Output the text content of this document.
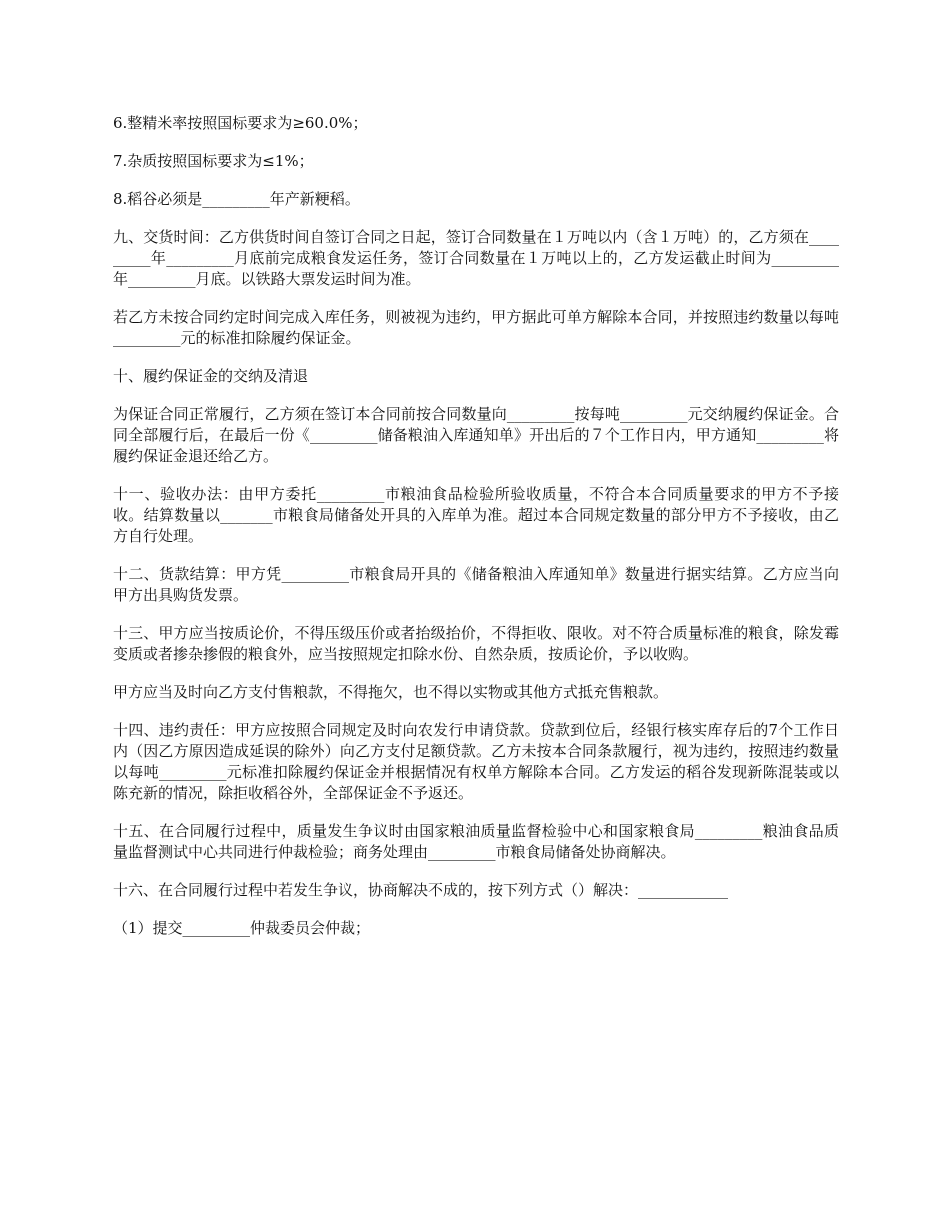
6.整精米率按照国标要求为≥60.0%；

7.杂质按照国标要求为≤1%；

8.稻谷必须是_________年产新粳稻。

九、交货时间：乙方供货时间自签订合同之日起，签订合同数量在１万吨以内（含１万吨）的，乙方须在_________年_________月底前完成粮食发运任务，签订合同数量在１万吨以上的，乙方发运截止时间为_________年_________月底。以铁路大票发运时间为准。

若乙方未按合同约定时间完成入库任务，则被视为违约，甲方据此可单方解除本合同，并按照违约数量以每吨_________元的标准扣除履约保证金。

十、履约保证金的交纳及清退

为保证合同正常履行，乙方须在签订本合同前按合同数量向_________按每吨_________元交纳履约保证金。合同全部履行后，在最后一份《_________储备粮油入库通知单》开出后的７个工作日内，甲方通知_________将履约保证金退还给乙方。

十一、验收办法：由甲方委托_________市粮油食品检验所验收质量，不符合本合同质量要求的甲方不予接收。结算数量以_______市粮食局储备处开具的入库单为准。超过本合同规定数量的部分甲方不予接收，由乙方自行处理。

十二、货款结算：甲方凭_________市粮食局开具的《储备粮油入库通知单》数量进行据实结算。乙方应当向甲方出具购货发票。

十三、甲方应当按质论价，不得压级压价或者抬级抬价，不得拒收、限收。对不符合质量标准的粮食，除发霉变质或者掺杂掺假的粮食外，应当按照规定扣除水份、自然杂质，按质论价，予以收购。

甲方应当及时向乙方支付售粮款，不得拖欠，也不得以实物或其他方式抵充售粮款。

十四、违约责任：甲方应按照合同规定及时向农发行申请贷款。贷款到位后，经银行核实库存后的7个工作日内（因乙方原因造成延误的除外）向乙方支付足额贷款。乙方未按本合同条款履行，视为违约，按照违约数量以每吨_________元标准扣除履约保证金并根据情况有权单方解除本合同。乙方发运的稻谷发现新陈混装或以陈充新的情况，除拒收稻谷外，全部保证金不予返还。

十五、在合同履行过程中，质量发生争议时由国家粮油质量监督检验中心和国家粮食局_________粮油食品质量监督测试中心共同进行仲裁检验；商务处理由_________市粮食局储备处协商解决。

十六、在合同履行过程中若发生争议，协商解决不成的，按下列方式（）解决：____________

（1）提交_________仲裁委员会仲裁；
